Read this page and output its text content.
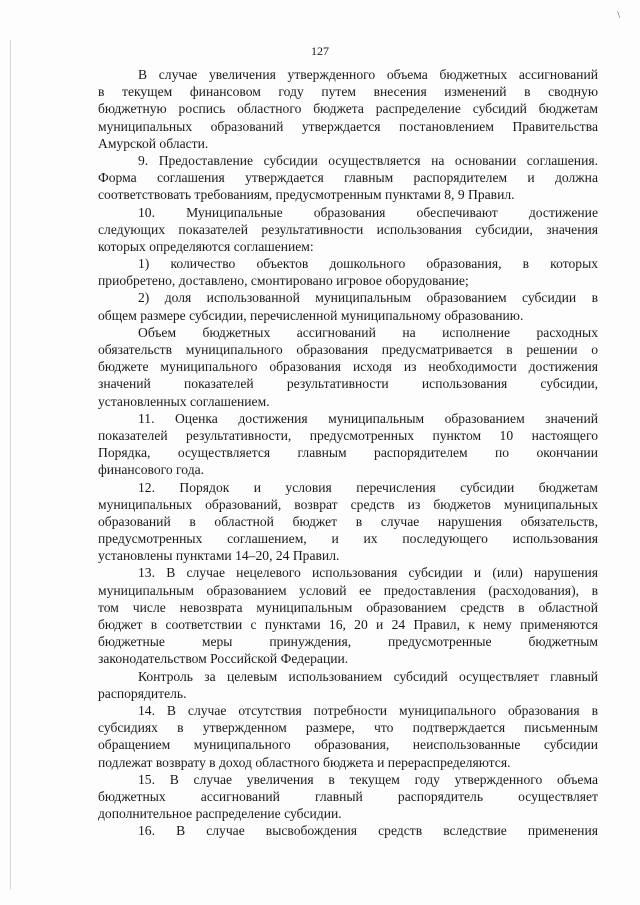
\
127
В случае увеличения утвержденного объема бюджетных ассигнований
в текущем финансовом году путем внесения изменений в сводную
бюджетную роспись областного бюджета распределение субсидий бюджетам
муниципальных образований утверждается постановлением Правительства
Амурской области.
9. Предоставление субсидии осуществляется на основании соглашения.
Форма соглашения утверждается главным распорядителем и должна
соответствовать требованиям, предусмотренным пунктами 8, 9 Правил.
10. Муниципальные образования обеспечивают достижение
следующих показателей результативности использования субсидии, значения
которых определяются соглашением:
1) количество объектов дошкольного образования, в которых
приобретено, доставлено, смонтировано игровое оборудование;
2) доля использованной муниципальным образованием субсидии в
общем размере субсидии, перечисленной муниципальному образованию.
Объем бюджетных ассигнований на исполнение расходных
обязательств муниципального образования предусматривается в решении о
бюджете муниципального образования исходя из необходимости достижения
значений показателей результативности использования субсидии,
установленных соглашением.
11. Оценка достижения муниципальным образованием значений
показателей результативности, предусмотренных пунктом 10 настоящего
Порядка, осуществляется главным распорядителем по окончании
финансового года.
12. Порядок и условия перечисления субсидии бюджетам
муниципальных образований, возврат средств из бюджетов муниципальных
образований в областной бюджет в случае нарушения обязательств,
предусмотренных соглашением, и их последующего использования
установлены пунктами 14–20, 24 Правил.
13. В случае нецелевого использования субсидии и (или) нарушения
муниципальным образованием условий ее предоставления (расходования), в
том числе невозврата муниципальным образованием средств в областной
бюджет в соответствии с пунктами 16, 20 и 24 Правил, к нему применяются
бюджетные меры принуждения, предусмотренные бюджетным
законодательством Российской Федерации.
Контроль за целевым использованием субсидий осуществляет главный
распорядитель.
14. В случае отсутствия потребности муниципального образования в
субсидиях в утвержденном размере, что подтверждается письменным
обращением муниципального образования, неиспользованные субсидии
подлежат возврату в доход областного бюджета и перераспределяются.
15. В случае увеличения в текущем году утвержденного объема
бюджетных ассигнований главный распорядитель осуществляет
дополнительное распределение субсидии.
16. В случае высвобождения средств вследствие применения
